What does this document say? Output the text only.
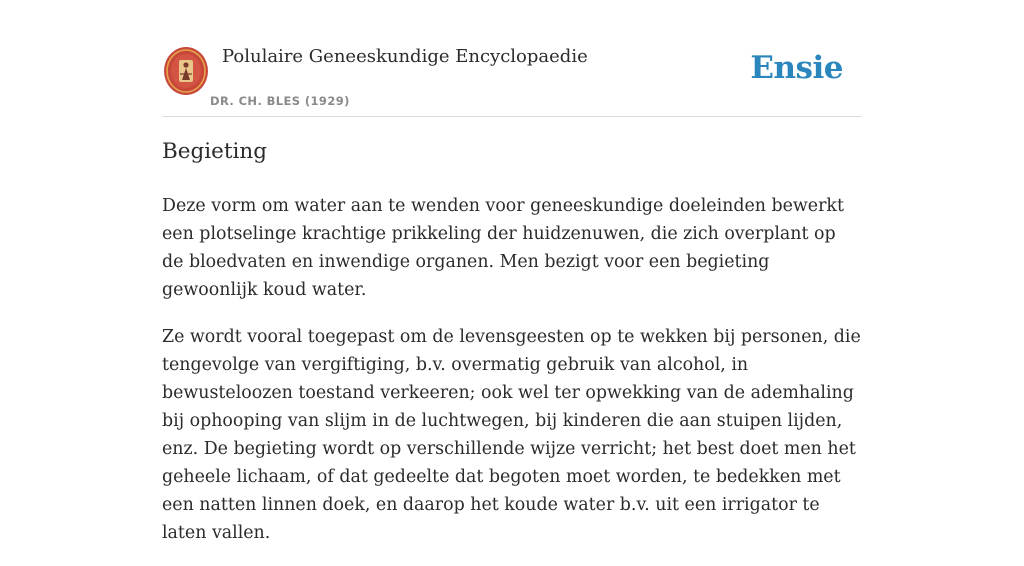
Polulaire Geneeskundige Encyclopaedie
DR. CH. BLES (1929)
Ensie
Begieting

Deze vorm om water aan te wenden voor geneeskundige doeleinden bewerkt een plotselinge krachtige prikkeling der huidzenuwen, die zich overplant op de bloedvaten en inwendige organen. Men bezigt voor een begieting gewoonlijk koud water.

Ze wordt vooral toegepast om de levensgeesten op te wekken bij personen, die tengevolge van vergiftiging, b.v. overmatig gebruik van alcohol, in bewusteloozen toestand verkeeren; ook wel ter opwekking van de ademhaling bij ophooping van slijm in de luchtwegen, bij kinderen die aan stuipen lijden, enz. De begieting wordt op verschillende wijze verricht; het best doet men het geheele lichaam, of dat gedeelte dat begoten moet worden, te bedekken met een natten linnen doek, en daarop het koude water b.v. uit een irrigator te laten vallen.
